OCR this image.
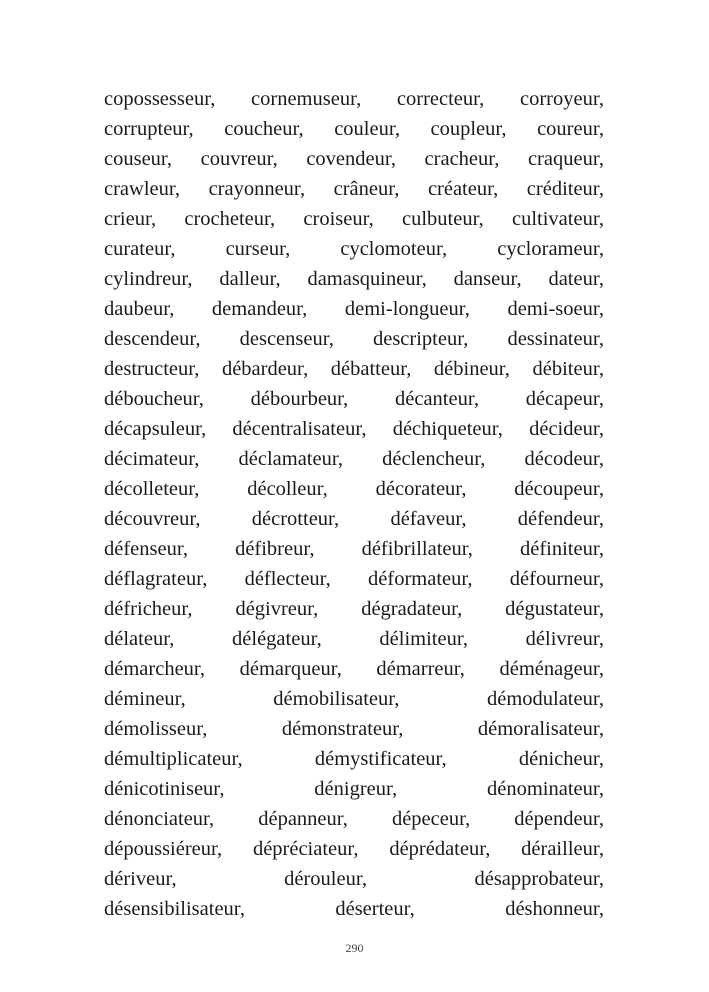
copossesseur, cornemuseur, correcteur, corroyeur,
corrupteur, coucheur, couleur, coupleur, coureur,
couseur, couvreur, covendeur, cracheur, craqueur,
crawleur, crayonneur, crâneur, créateur, créditeur,
crieur, crocheteur, croiseur, culbuteur, cultivateur,
curateur, curseur, cyclomoteur, cyclorameur,
cylindreur, dalleur, damasquineur, danseur, dateur,
daubeur, demandeur, demi-longueur, demi-soeur,
descendeur, descenseur, descripteur, dessinateur,
destructeur, débardeur, débatteur, débineur, débiteur,
déboucheur, débourbeur, décanteur, décapeur,
décapsuleur, décentralisateur, déchiqueteur, décideur,
décimateur, déclamateur, déclencheur, décodeur,
décolleteur, décolleur, décorateur, découpeur,
découvreur,	décrotteur,	défaveur,	défendeur,
défenseur, défibreur, défibrillateur, définiteur,
déflagrateur, déflecteur, déformateur, défourneur,
défricheur, dégivreur, dégradateur, dégustateur,
délateur,	délégateur,	délimiteur,	délivreur,
démarcheur, démarqueur, démarreur, déménageur,
démineur,	démobilisateur,	démodulateur,
démolisseur,	démonstrateur,	démoralisateur,
démultiplicateur,	démystificateur,	dénicheur,
dénicotiniseur,	dénigreur,	dénominateur,
dénonciateur, dépanneur, dépeceur, dépendeur,
dépoussiéreur, dépréciateur, déprédateur, dérailleur,
dériveur,	dérouleur,	désapprobateur,
désensibilisateur,	déserteur,	déshonneur,
290
